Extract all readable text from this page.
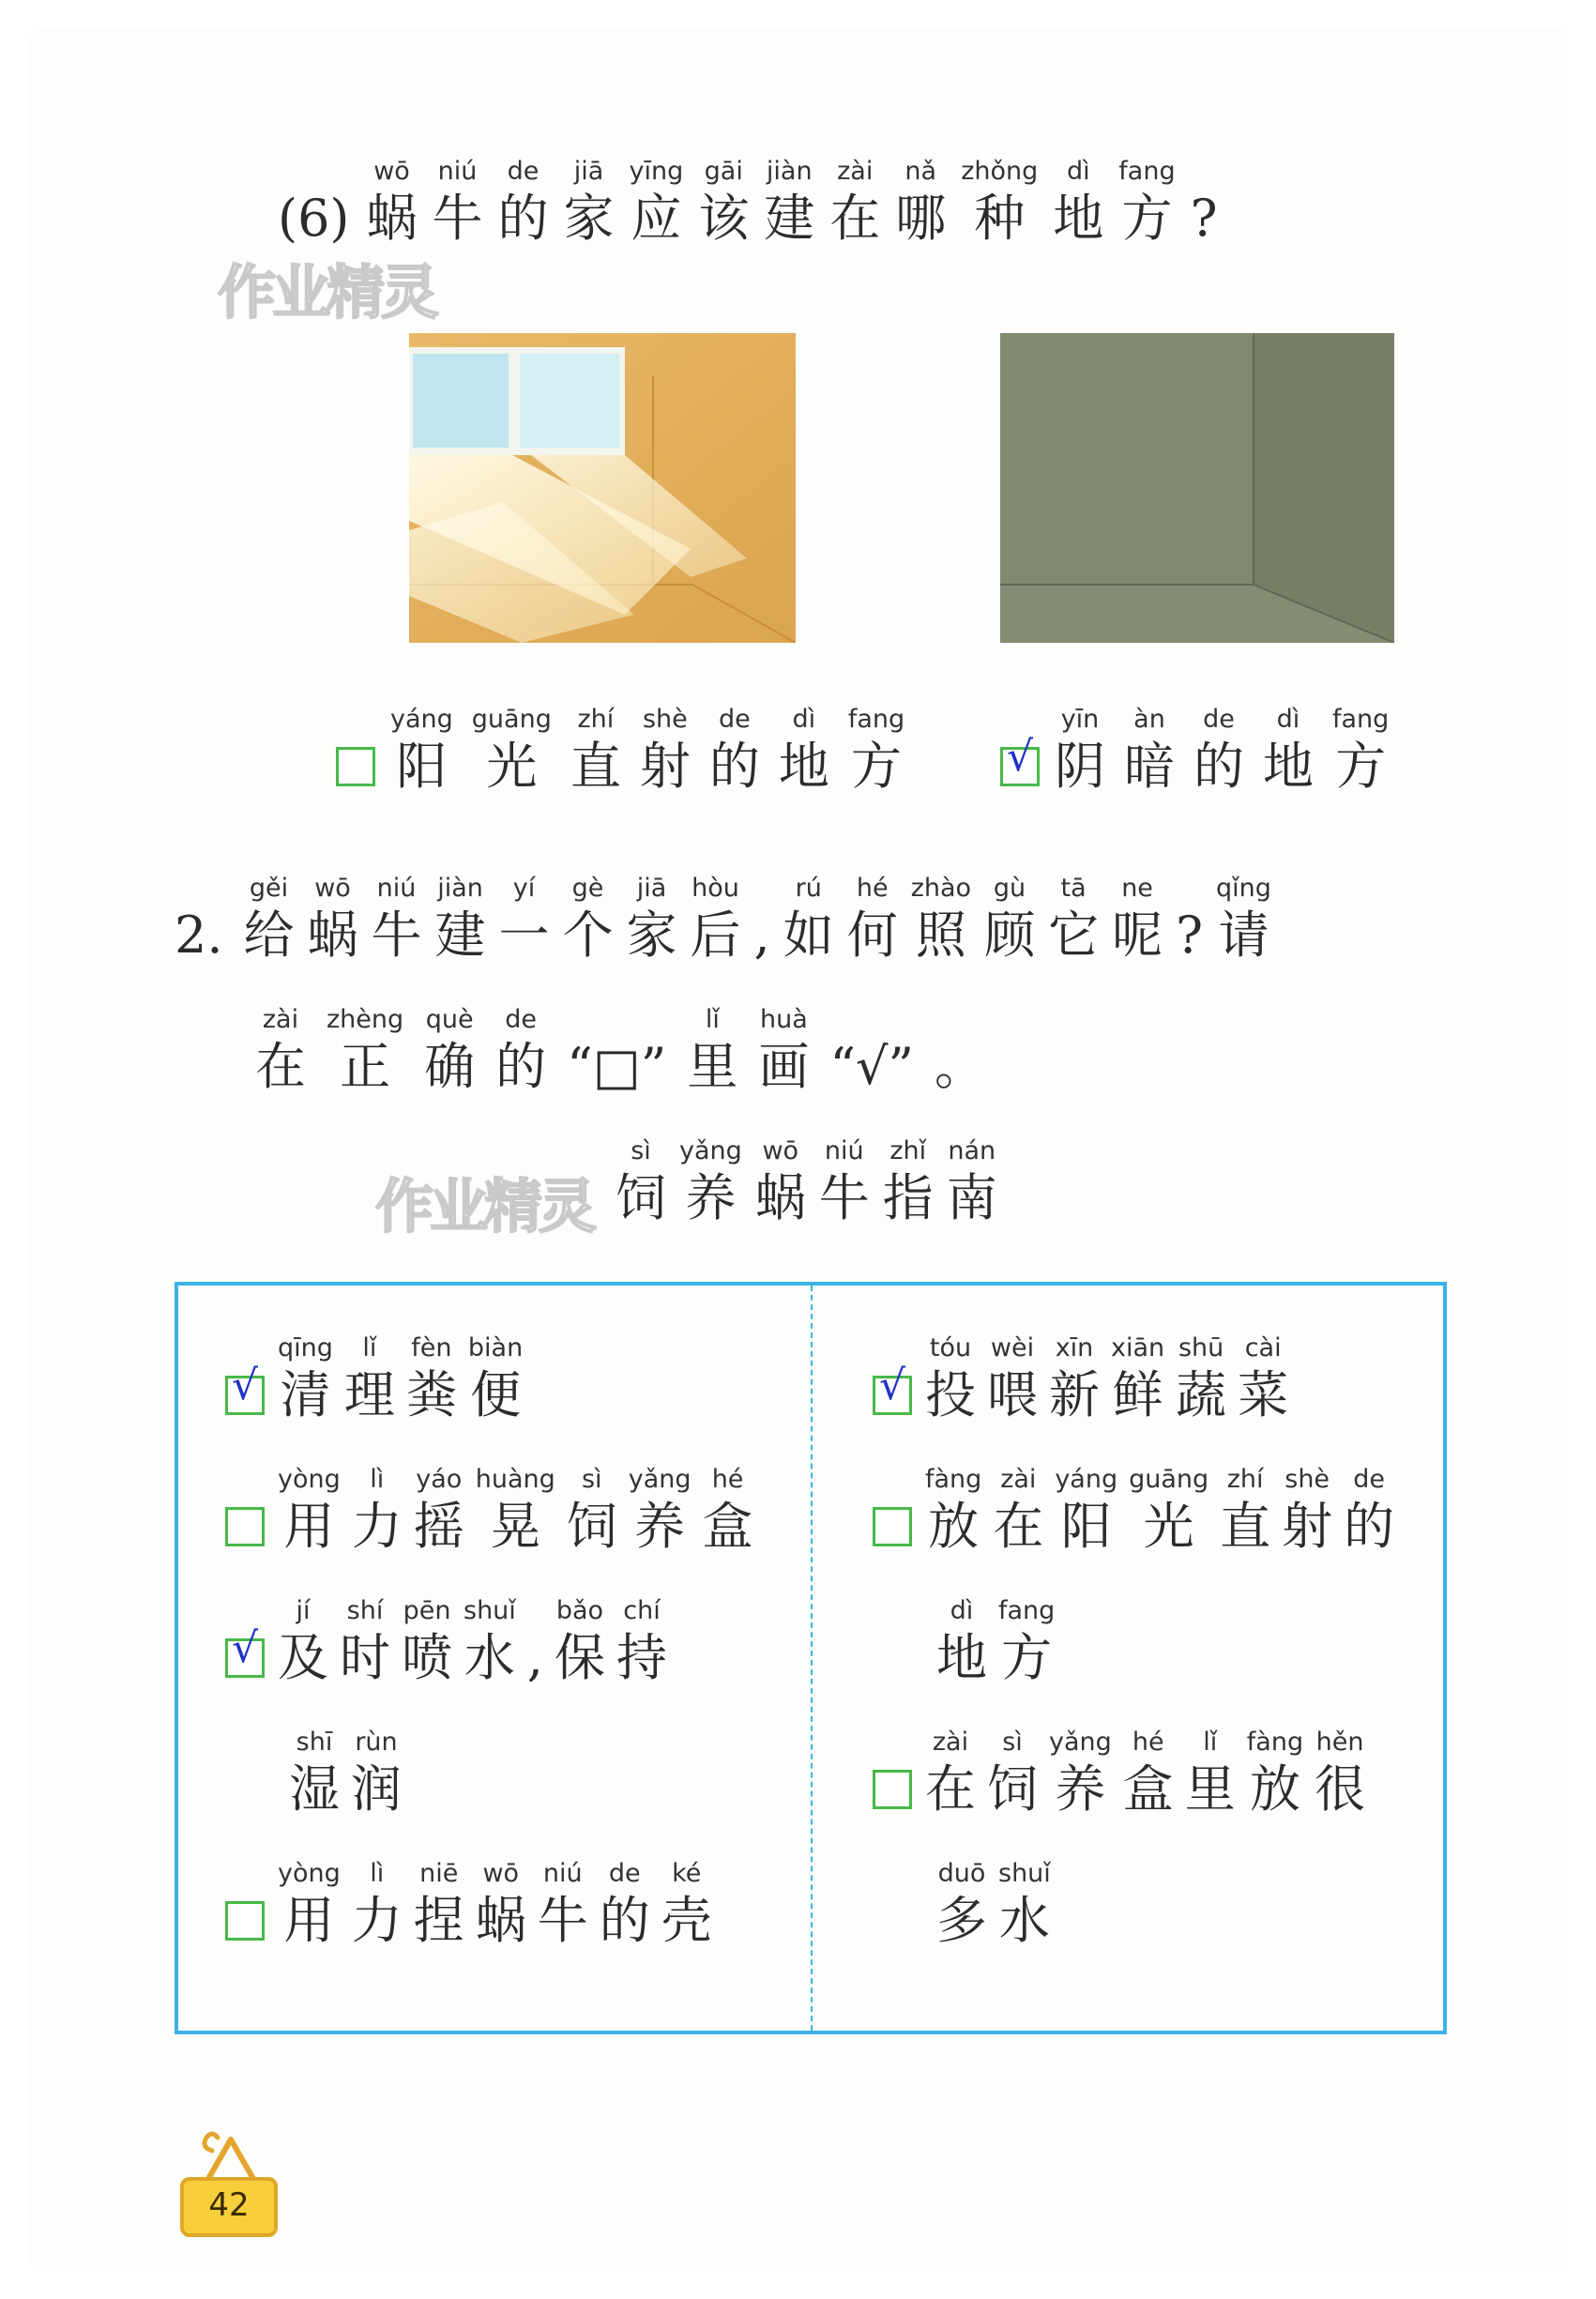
(6)
wō
蜗
niú
牛
de
的
jiā
家
yīng
应
gāi
该
jiàn
建
zài
在
nǎ
哪
zhǒng
种
dì
地
fang
方 ?
作业精灵
yáng
阳
guāng
光
zhí
直
shè
射
de
的
dì
地
fang
方	√
yīn
阴
àn
暗
de
的
dì
地
fang
方
2.
gěi
给
wō
蜗
niú
牛
jiàn
建
yí
一
gè
个
jiā
家
hòu
后 ,
rú
如
hé
何
zhào
照
gù
顾
tā
它
ne
呢 ?
qǐng
请
zài
在
zhèng
正
què
确
de
的 “□”
lǐ
里
huà
画 “√” 。
作业精灵
sì
饲
yǎng
养
wō
蜗
niú
牛
zhǐ
指
nán
南
√
qīng
清
lǐ
理
fèn
粪
biàn
便
yòng
用
lì
力
yáo
摇
huàng
晃
sì
饲
yǎng
养
hé
盒
√
jí
及
shí
时
pēn
喷
shuǐ
水 ,
bǎo
保
chí
持
shī
湿
rùn
润
yòng
用
lì
力
niē
捏
wō
蜗
niú
牛
de
的
ké
壳
√
tóu
投
wèi
喂
xīn
新
xiān
鲜
shū
蔬
cài
菜
fàng
放
zài
在
yáng
阳
guāng
光
zhí
直
shè
射
de
的
dì
地
fang
方
zài
在
sì
饲
yǎng
养
hé
盒
lǐ
里
fàng
放
hěn
很
duō
多
shuǐ
水
42
